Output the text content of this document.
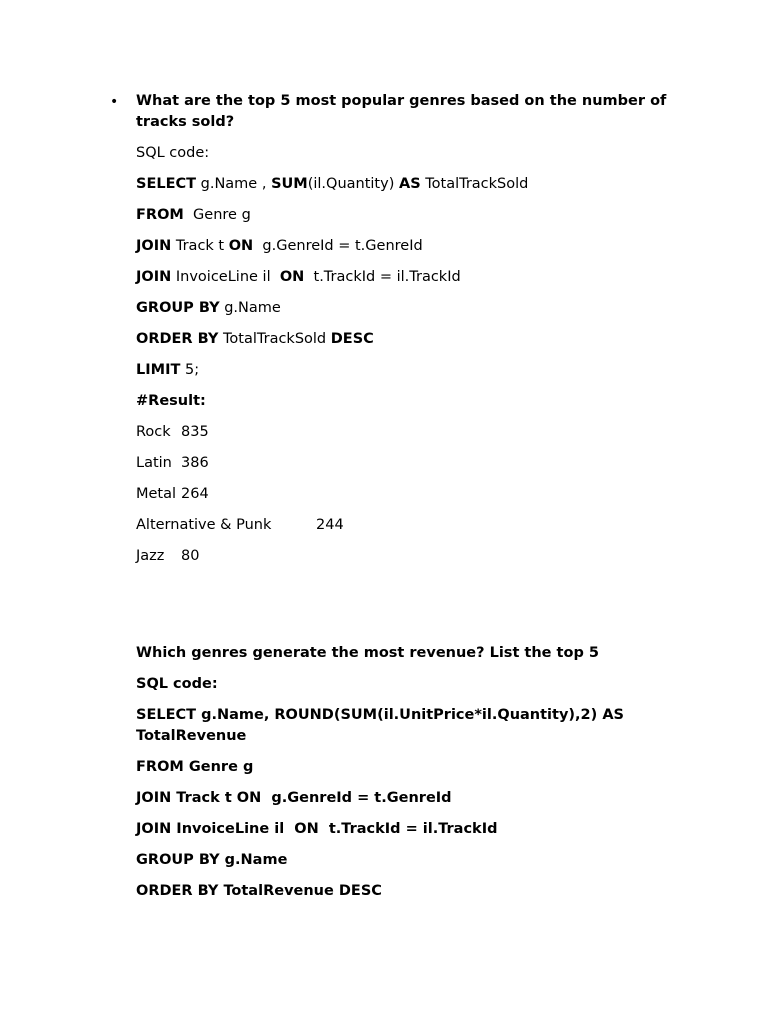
• What are the top 5 most popular genres based on the number of tracks sold?
SQL code:
SELECT g.Name , SUM(il.Quantity) AS TotalTrackSold
FROM  Genre g
JOIN Track t ON  g.GenreId = t.GenreId
JOIN InvoiceLine il  ON  t.TrackId = il.TrackId
GROUP BY g.Name
ORDER BY TotalTrackSold DESC
LIMIT 5;
#Result:
Rock 835
Latin 386
Metal 264
Alternative & Punk	244
Jazz 80
Which genres generate the most revenue? List the top 5
SQL code:
SELECT g.Name, ROUND(SUM(il.UnitPrice*il.Quantity),2) AS TotalRevenue
FROM Genre g
JOIN Track t ON  g.GenreId = t.GenreId
JOIN InvoiceLine il  ON  t.TrackId = il.TrackId
GROUP BY g.Name
ORDER BY TotalRevenue DESC
